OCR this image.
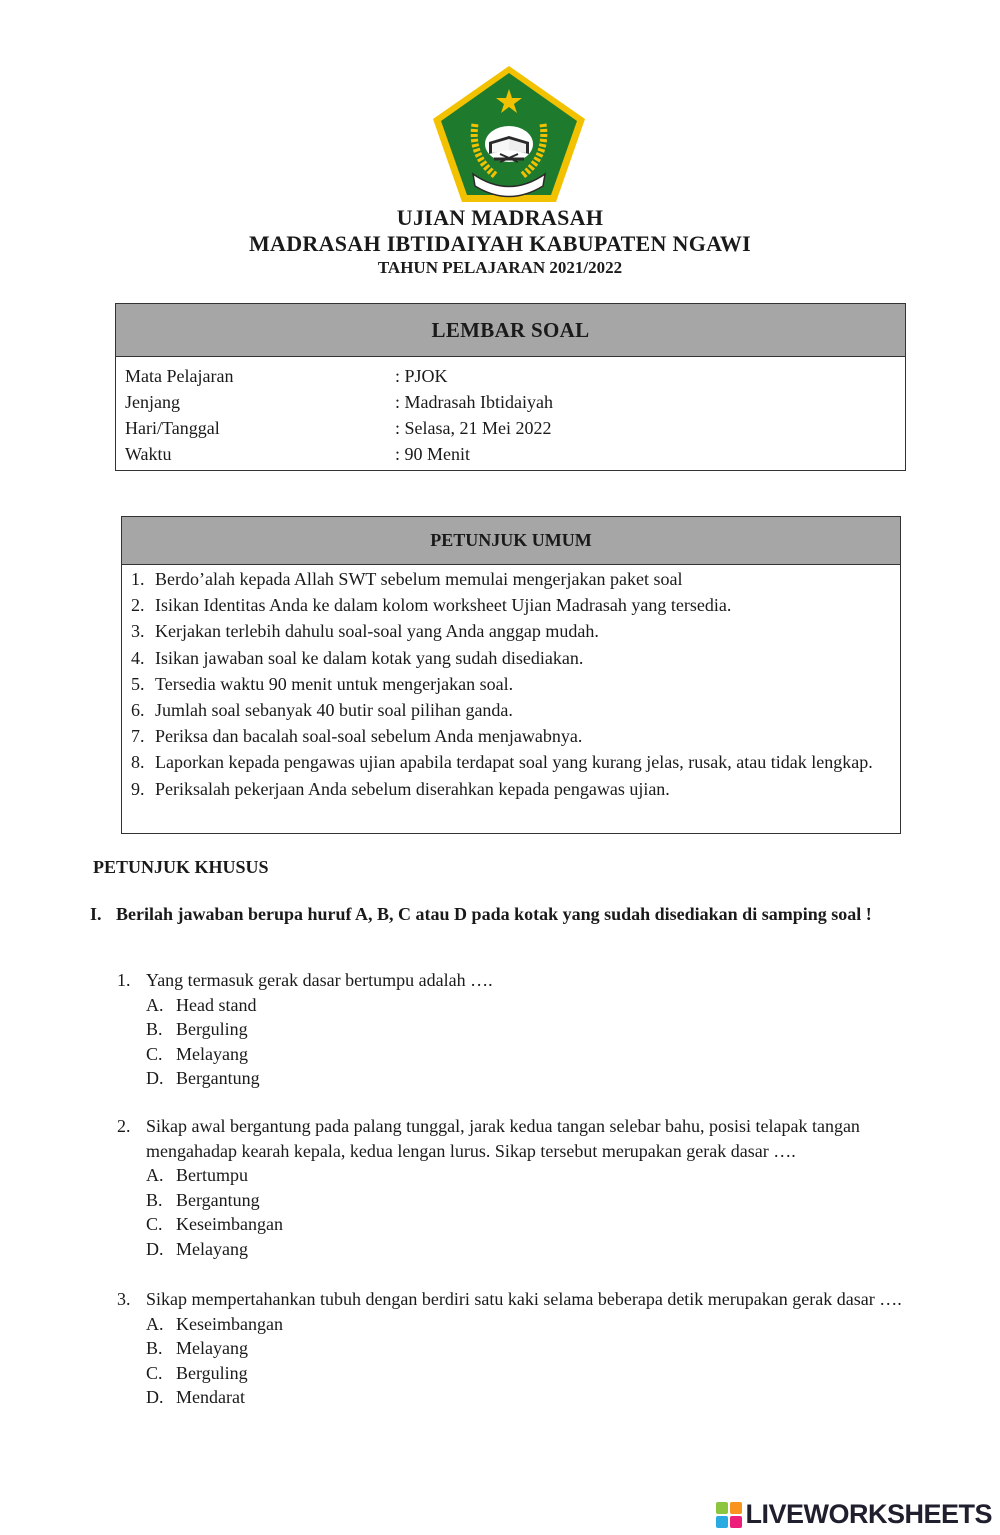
UJIAN MADRASAH
MADRASAH IBTIDAIYAH KABUPATEN NGAWI
TAHUN PELAJARAN 2021/2022
LEMBAR SOAL
Mata Pelajaran	: PJOK
Jenjang	: Madrasah Ibtidaiyah
Hari/Tanggal	: Selasa, 21 Mei 2022
Waktu	: 90 Menit
PETUNJUK UMUM
1. Berdo’alah kepada Allah SWT sebelum memulai mengerjakan paket soal
2. Isikan Identitas Anda ke dalam kolom worksheet Ujian Madrasah yang tersedia.
3. Kerjakan terlebih dahulu soal-soal yang Anda anggap mudah.
4. Isikan jawaban soal ke dalam kotak yang sudah disediakan.
5. Tersedia waktu 90 menit untuk mengerjakan soal.
6. Jumlah soal sebanyak 40 butir soal pilihan ganda.
7. Periksa dan bacalah soal-soal sebelum Anda menjawabnya.
8. Laporkan kepada pengawas ujian apabila terdapat soal yang kurang jelas, rusak, atau tidak lengkap.
9. Periksalah pekerjaan Anda sebelum diserahkan kepada pengawas ujian.
PETUNJUK KHUSUS
I. Berilah jawaban berupa huruf A, B, C atau D pada kotak yang sudah disediakan di samping soal !
1. Yang termasuk gerak dasar bertumpu adalah ….
A. Head stand
B. Berguling
C. Melayang
D. Bergantung
2. Sikap awal bergantung pada palang tunggal, jarak kedua tangan selebar bahu, posisi telapak tangan mengahadap kearah kepala, kedua lengan lurus. Sikap tersebut merupakan gerak dasar ….
A. Bertumpu
B. Bergantung
C. Keseimbangan
D. Melayang
3. Sikap mempertahankan tubuh dengan berdiri satu kaki selama beberapa detik merupakan gerak dasar ….
A. Keseimbangan
B. Melayang
C. Berguling
D. Mendarat
LIVEWORKSHEETS
